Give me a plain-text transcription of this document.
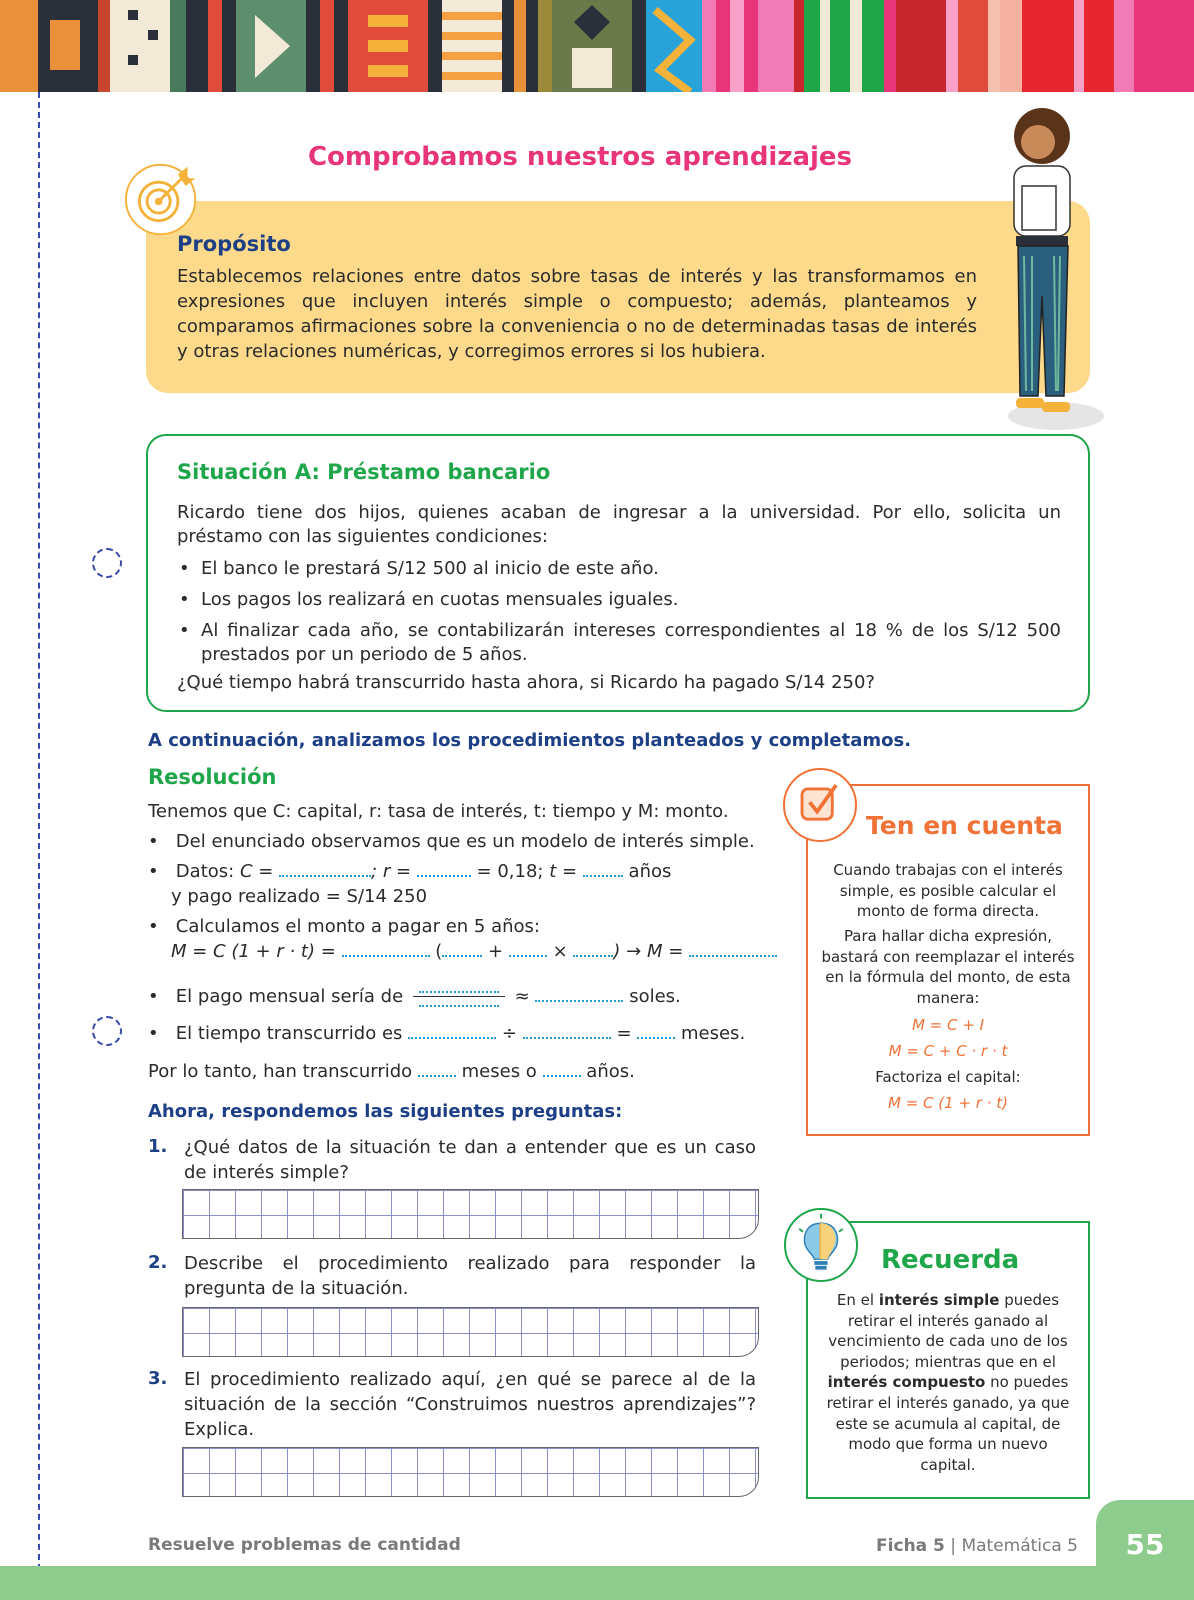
Comprobamos nuestros aprendizajes
Propósito

Establecemos relaciones entre datos sobre tasas de interés y las transformamos en expresiones que incluyen interés simple o compuesto; además, planteamos y comparamos afirmaciones sobre la conveniencia o no de determinadas tasas de interés y otras relaciones numéricas, y corregimos errores si los hubiera.

Situación A: Préstamo bancario

Ricardo tiene dos hijos, quienes acaban de ingresar a la universidad. Por ello, solicita un préstamo con las siguientes condiciones:

• El banco le prestará S/12 500 al inicio de este año.
• Los pagos los realizará en cuotas mensuales iguales.
• Al finalizar cada año, se contabilizarán intereses correspondientes al 18 % de los S/12 500 prestados por un periodo de 5 años.

¿Qué tiempo habrá transcurrido hasta ahora, si Ricardo ha pagado S/14 250?

A continuación, analizamos los procedimientos planteados y completamos.

Resolución

Tenemos que C: capital, r: tasa de interés, t: tiempo y M: monto.

•   Del enunciado observamos que es un modelo de interés simple.

•   Datos: C =	; r =	= 0,18; t =	años

y pago realizado = S/14 250

•   Calculamos el monto a pagar en 5 años:

M = C (1 + r · t) =	(	+	×	) → M =

•   El pago mensual sería de	≈	soles.

•   El tiempo transcurrido es	÷	=	meses.

Por lo tanto, han transcurrido	meses o	años.

Ahora, respondemos las siguientes preguntas:

1. ¿Qué datos de la situación te dan a entender que es un caso de interés simple?

2. Describe el procedimiento realizado para responder la pregunta de la situación.

3. El procedimiento realizado aquí, ¿en qué se parece al de la situación de la sección “Construimos nuestros aprendizajes”? Explica.

Ten en cuenta

Cuando trabajas con el interés simple, es posible calcular el monto de forma directa.

Para hallar dicha expresión, bastará con reemplazar el interés en la fórmula del monto, de esta manera:

M = C + I

M = C + C · r · t

Factoriza el capital:

M = C (1 + r · t)

Recuerda

En el interés simple puedes retirar el interés ganado al vencimiento de cada uno de los periodos; mientras que en el interés compuesto no puedes retirar el interés ganado, ya que este se acumula al capital, de modo que forma un nuevo capital.

55
Resuelve problemas de cantidad	Ficha 5 | Matemática 5
